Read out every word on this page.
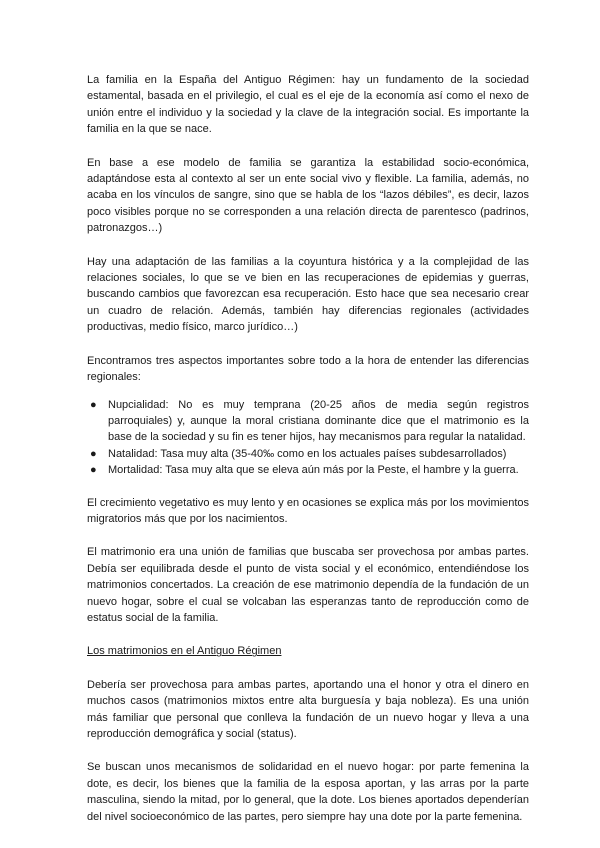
La familia en la España del Antiguo Régimen: hay un fundamento de la sociedad estamental, basada en el privilegio, el cual es el eje de la economía así como el nexo de unión entre el individuo y la sociedad y la clave de la integración social. Es importante la familia en la que se nace.

En base a ese modelo de familia se garantiza la estabilidad socio-económica, adaptándose esta al contexto al ser un ente social vivo y flexible. La familia, además, no acaba en los vínculos de sangre, sino que se habla de los “lazos débiles”, es decir, lazos poco visibles porque no se corresponden a una relación directa de parentesco (padrinos, patronazgos…)

Hay una adaptación de las familias a la coyuntura histórica y a la complejidad de las relaciones sociales, lo que se ve bien en las recuperaciones de epidemias y guerras, buscando cambios que favorezcan esa recuperación. Esto hace que sea necesario crear un cuadro de relación. Además, también hay diferencias regionales (actividades productivas, medio físico, marco jurídico…)

Encontramos tres aspectos importantes sobre todo a la hora de entender las diferencias regionales:

● Nupcialidad: No es muy temprana (20-25 años de media según registros parroquiales) y, aunque la moral cristiana dominante dice que el matrimonio es la base de la sociedad y su fin es tener hijos, hay mecanismos para regular la natalidad.
● Natalidad: Tasa muy alta (35-40‰ como en los actuales países subdesarrollados)
● Mortalidad: Tasa muy alta que se eleva aún más por la Peste, el hambre y la guerra.

El crecimiento vegetativo es muy lento y en ocasiones se explica más por los movimientos migratorios más que por los nacimientos.

El matrimonio era una unión de familias que buscaba ser provechosa por ambas partes. Debía ser equilibrada desde el punto de vista social y el económico, entendiéndose los matrimonios concertados. La creación de ese matrimonio dependía de la fundación de un nuevo hogar, sobre el cual se volcaban las esperanzas tanto de reproducción como de estatus social de la familia.

Los matrimonios en el Antiguo Régimen

Debería ser provechosa para ambas partes, aportando una el honor y otra el dinero en muchos casos (matrimonios mixtos entre alta burguesía y baja nobleza). Es una unión más familiar que personal que conlleva la fundación de un nuevo hogar y lleva a una reproducción demográfica y social (status).

Se buscan unos mecanismos de solidaridad en el nuevo hogar: por parte femenina la dote, es decir, los bienes que la familia de la esposa aportan, y las arras por la parte masculina, siendo la mitad, por lo general, que la dote. Los bienes aportados dependerían del nivel socioeconómico de las partes, pero siempre hay una dote por la parte femenina.
